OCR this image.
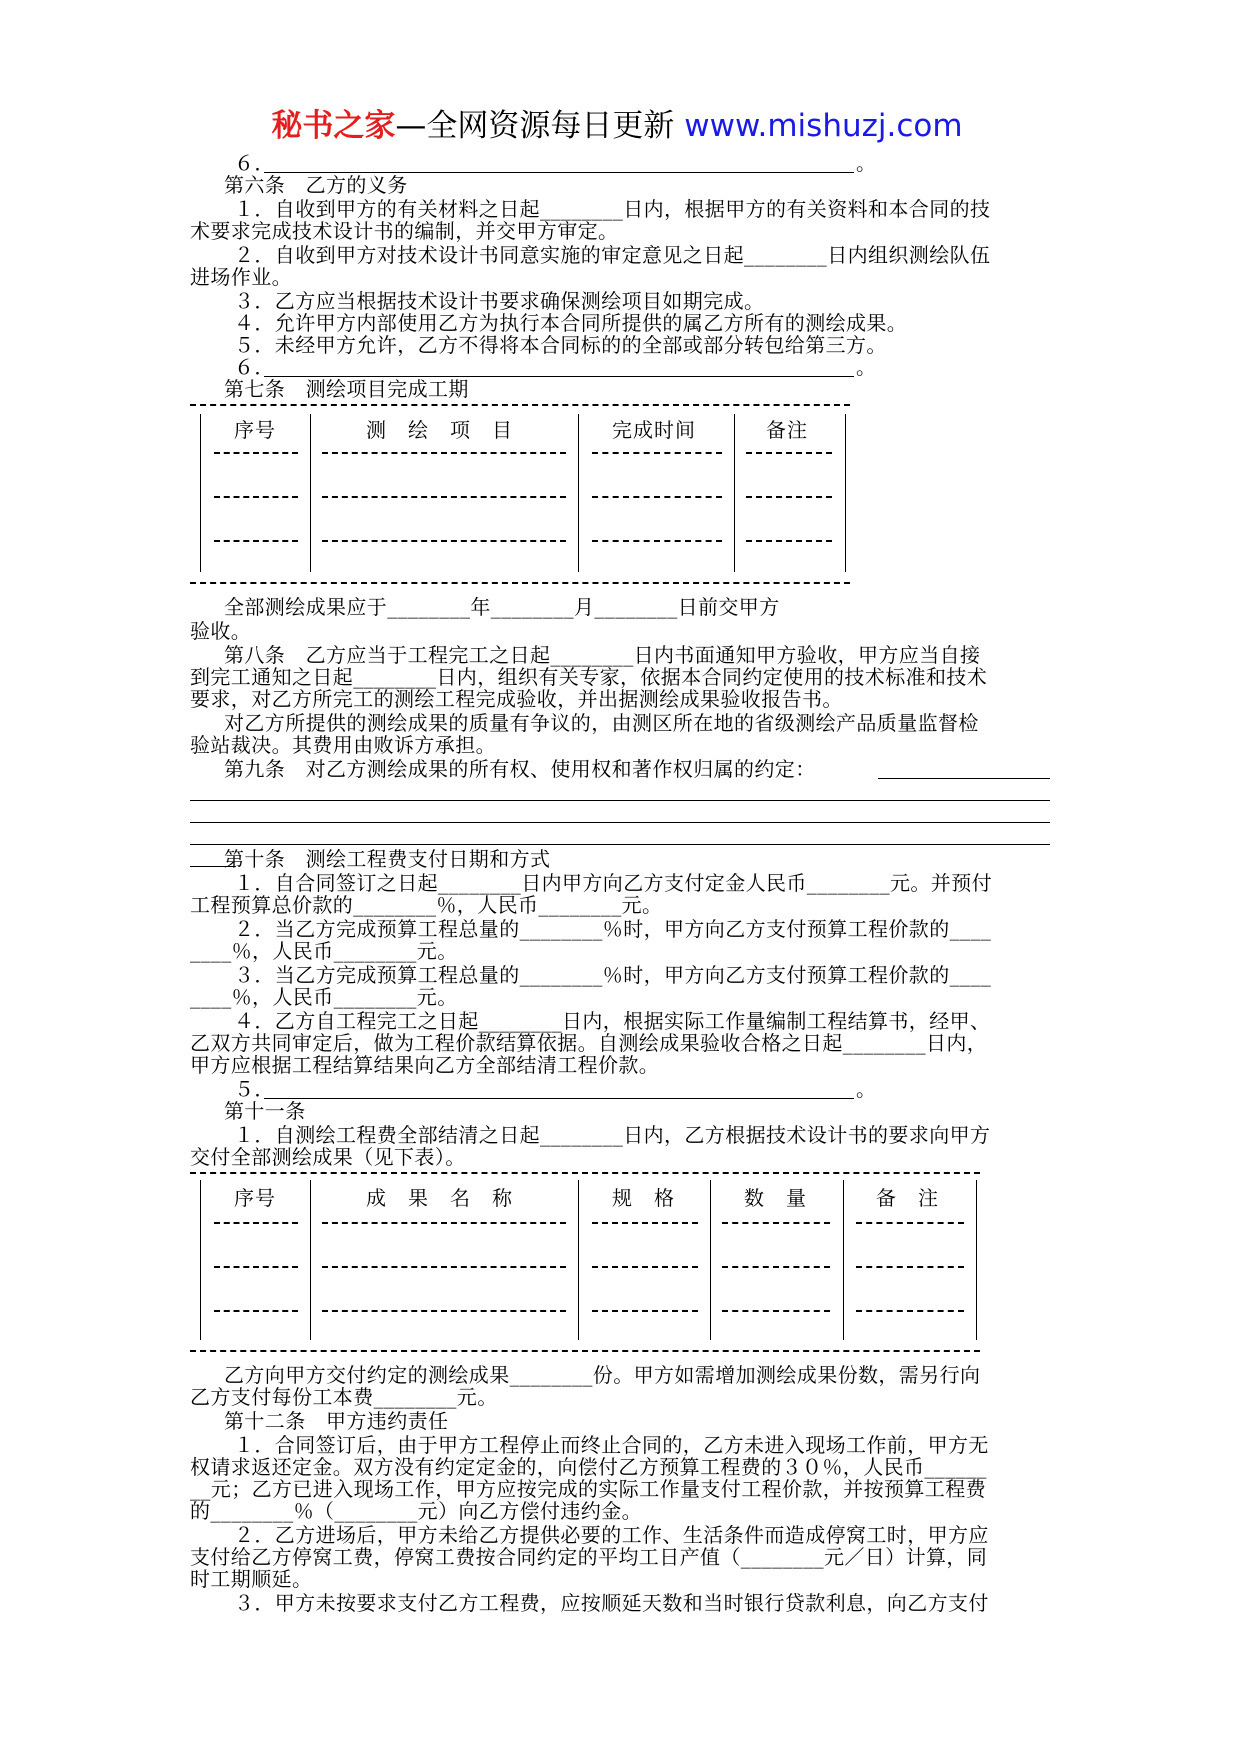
秘书之家—全网资源每日更新 www.mishuzj.com
６．	。
第六条　乙方的义务
１．自收到甲方的有关材料之日起________日内，根据甲方的有关资料和本合同的技
术要求完成技术设计书的编制，并交甲方审定。
２．自收到甲方对技术设计书同意实施的审定意见之日起________日内组织测绘队伍
进场作业。
３．乙方应当根据技术设计书要求确保测绘项目如期完成。
４．允许甲方内部使用乙方为执行本合同所提供的属乙方所有的测绘成果。
５．未经甲方允许，乙方不得将本合同标的的全部或部分转包给第三方。
６．	。
第七条　测绘项目完成工期
序号	测　绘　项　目	完成时间	备注
全部测绘成果应于________年________月________日前交甲方
验收。
第八条　乙方应当于工程完工之日起________日内书面通知甲方验收，甲方应当自接
到完工通知之日起________日内，组织有关专家，依据本合同约定使用的技术标准和技术
要求，对乙方所完工的测绘工程完成验收，并出据测绘成果验收报告书。
对乙方所提供的测绘成果的质量有争议的，由测区所在地的省级测绘产品质量监督检
验站裁决。其费用由败诉方承担。
第九条　对乙方测绘成果的所有权、使用权和著作权归属的约定：
第十条　测绘工程费支付日期和方式
１．自合同签订之日起________日内甲方向乙方支付定金人民币________元。并预付
工程预算总价款的________％，人民币________元。
２．当乙方完成预算工程总量的________％时，甲方向乙方支付预算工程价款的____
____％，人民币________元。
３．当乙方完成预算工程总量的________％时，甲方向乙方支付预算工程价款的____
____％，人民币________元。
４．乙方自工程完工之日起________日内，根据实际工作量编制工程结算书，经甲、
乙双方共同审定后，做为工程价款结算依据。自测绘成果验收合格之日起________日内，
甲方应根据工程结算结果向乙方全部结清工程价款。
５．	。
第十一条
１．自测绘工程费全部结清之日起________日内，乙方根据技术设计书的要求向甲方
交付全部测绘成果（见下表）。
序号	成　果　名　称	规　格	数　量	备　注
乙方向甲方交付约定的测绘成果________份。甲方如需增加测绘成果份数，需另行向
乙方支付每份工本费________元。
第十二条　甲方违约责任
１．合同签订后，由于甲方工程停止而终止合同的，乙方未进入现场工作前，甲方无
权请求返还定金。双方没有约定定金的，向偿付乙方预算工程费的３０％，人民币______
__元；乙方已进入现场工作，甲方应按完成的实际工作量支付工程价款，并按预算工程费
的________％（________元）向乙方偿付违约金。
２．乙方进场后，甲方未给乙方提供必要的工作、生活条件而造成停窝工时，甲方应
支付给乙方停窝工费，停窝工费按合同约定的平均工日产值（________元／日）计算，同
时工期顺延。
３．甲方未按要求支付乙方工程费，应按顺延天数和当时银行贷款利息，向乙方支付
